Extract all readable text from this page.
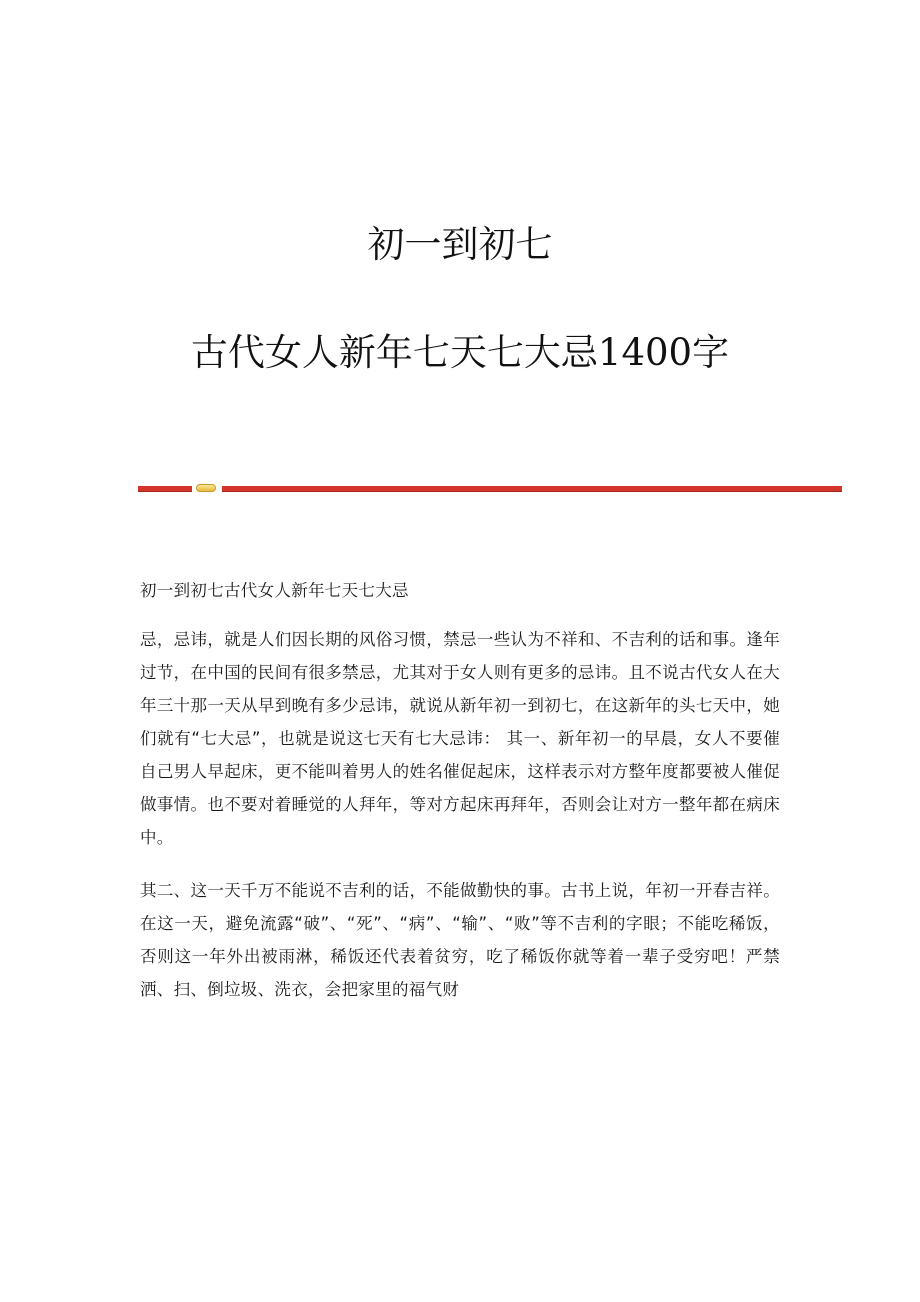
初一到初七
古代女人新年七天七大忌1400字

初一到初七古代女人新年七天七大忌

忌，忌讳，就是人们因长期的风俗习惯，禁忌一些认为不祥和、不吉利的话和事。逢年过节，在中国的民间有很多禁忌，尤其对于女人则有更多的忌讳。且不说古代女人在大年三十那一天从早到晚有多少忌讳，就说从新年初一到初七，在这新年的头七天中，她们就有“七大忌”，也就是说这七天有七大忌讳： 其一、新年初一的早晨，女人不要催自己男人早起床，更不能叫着男人的姓名催促起床，这样表示对方整年度都要被人催促做事情。也不要对着睡觉的人拜年，等对方起床再拜年，否则会让对方一整年都在病床中。

其二、这一天千万不能说不吉利的话，不能做勤快的事。古书上说，年初一开春吉祥。在这一天，避免流露“破”、“死”、“病”、“输”、“败”等不吉利的字眼；不能吃稀饭，否则这一年外出被雨淋，稀饭还代表着贫穷，吃了稀饭你就等着一辈子受穷吧！严禁洒、扫、倒垃圾、洗衣，会把家里的福气财
